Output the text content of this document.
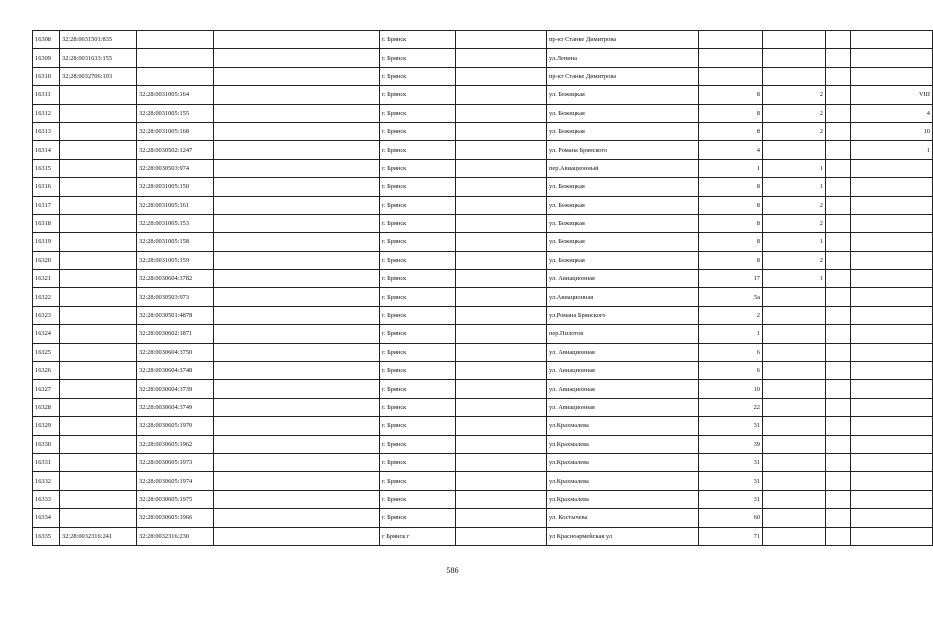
16308	32:28:0031501:835			г. Брянск		пр-кт Станке Димитрова				
16309	32:28:0031633:155			г. Брянск		ул.Ленина				
16310	32:28:0032706:103			г. Брянск		пр-кт Станке Димитрова				
16311		32:28:0031005:164		г. Брянск		ул. Бежицкая	8	2		VIII
16312		32:28:0031005:155		г. Брянск		ул. Бежицкая	8	2		4
16313		32:28:0031005:168		г. Брянск		ул. Бежицкая	8	2		10
16314		32:28:0030502:1247		г. Брянск		ул. Романа Брянского	4			1
16315		32:28:0030503:974		г. Брянск		пер.Авиационный	1	1		
16316		32:28:0031005:150		г. Брянск		ул. Бежицкая	8	1		
16317		32:28:0031005:161		г. Брянск		ул. Бежицкая	8	2		
16318		32:28:0031005:153		г. Брянск		ул. Бежицкая	8	2		
16319		32:28:0031005:158		г. Брянск		ул. Бежицкая	8	1		
16320		32:28:0031005:159		г. Брянск		ул. Бежицкая	8	2		
16321		32:28:0030604:3782		г. Брянск		ул. Авиационная	17	1		
16322		32:28:0030503:973		г. Брянск		ул.Авиационная	5а			
16323		32:28:0030501:4878		г. Брянск		ул.Романа Брянского	2			
16324		32:28:0030602:1871		г. Брянск		пер.Пилотов	1			
16325		32:28:0030604:3750		г. Брянск		ул. Авиационная	6			
16326		32:28:0030604:3748		г. Брянск		ул. Авиационная	6			
16327		32:28:0030604:3739		г. Брянск		ул. Авиационная	10			
16328		32:28:0030604:3749		г. Брянск		ул. Авиационная	22			
16329		32:28:0030605:1970		г. Брянск		ул.Крахмалева	31			
16330		32:28:0030605:1962		г. Брянск		ул.Крахмалева	39			
16331		32:28:0030605:1973		г. Брянск		ул.Крахмалева	31			
16332		32:28:0030605:1974		г. Брянск		ул.Крахмалева	31			
16333		32:28:0030605:1975		г. Брянск		ул.Крахмалева	31			
16334		32:28:0030605:1966		г. Брянск		ул. Костычева	60			
16335	32:28:0032316:241	32:28:0032316:230		г Брянск г		ул Красноармейская ул	71			
586
